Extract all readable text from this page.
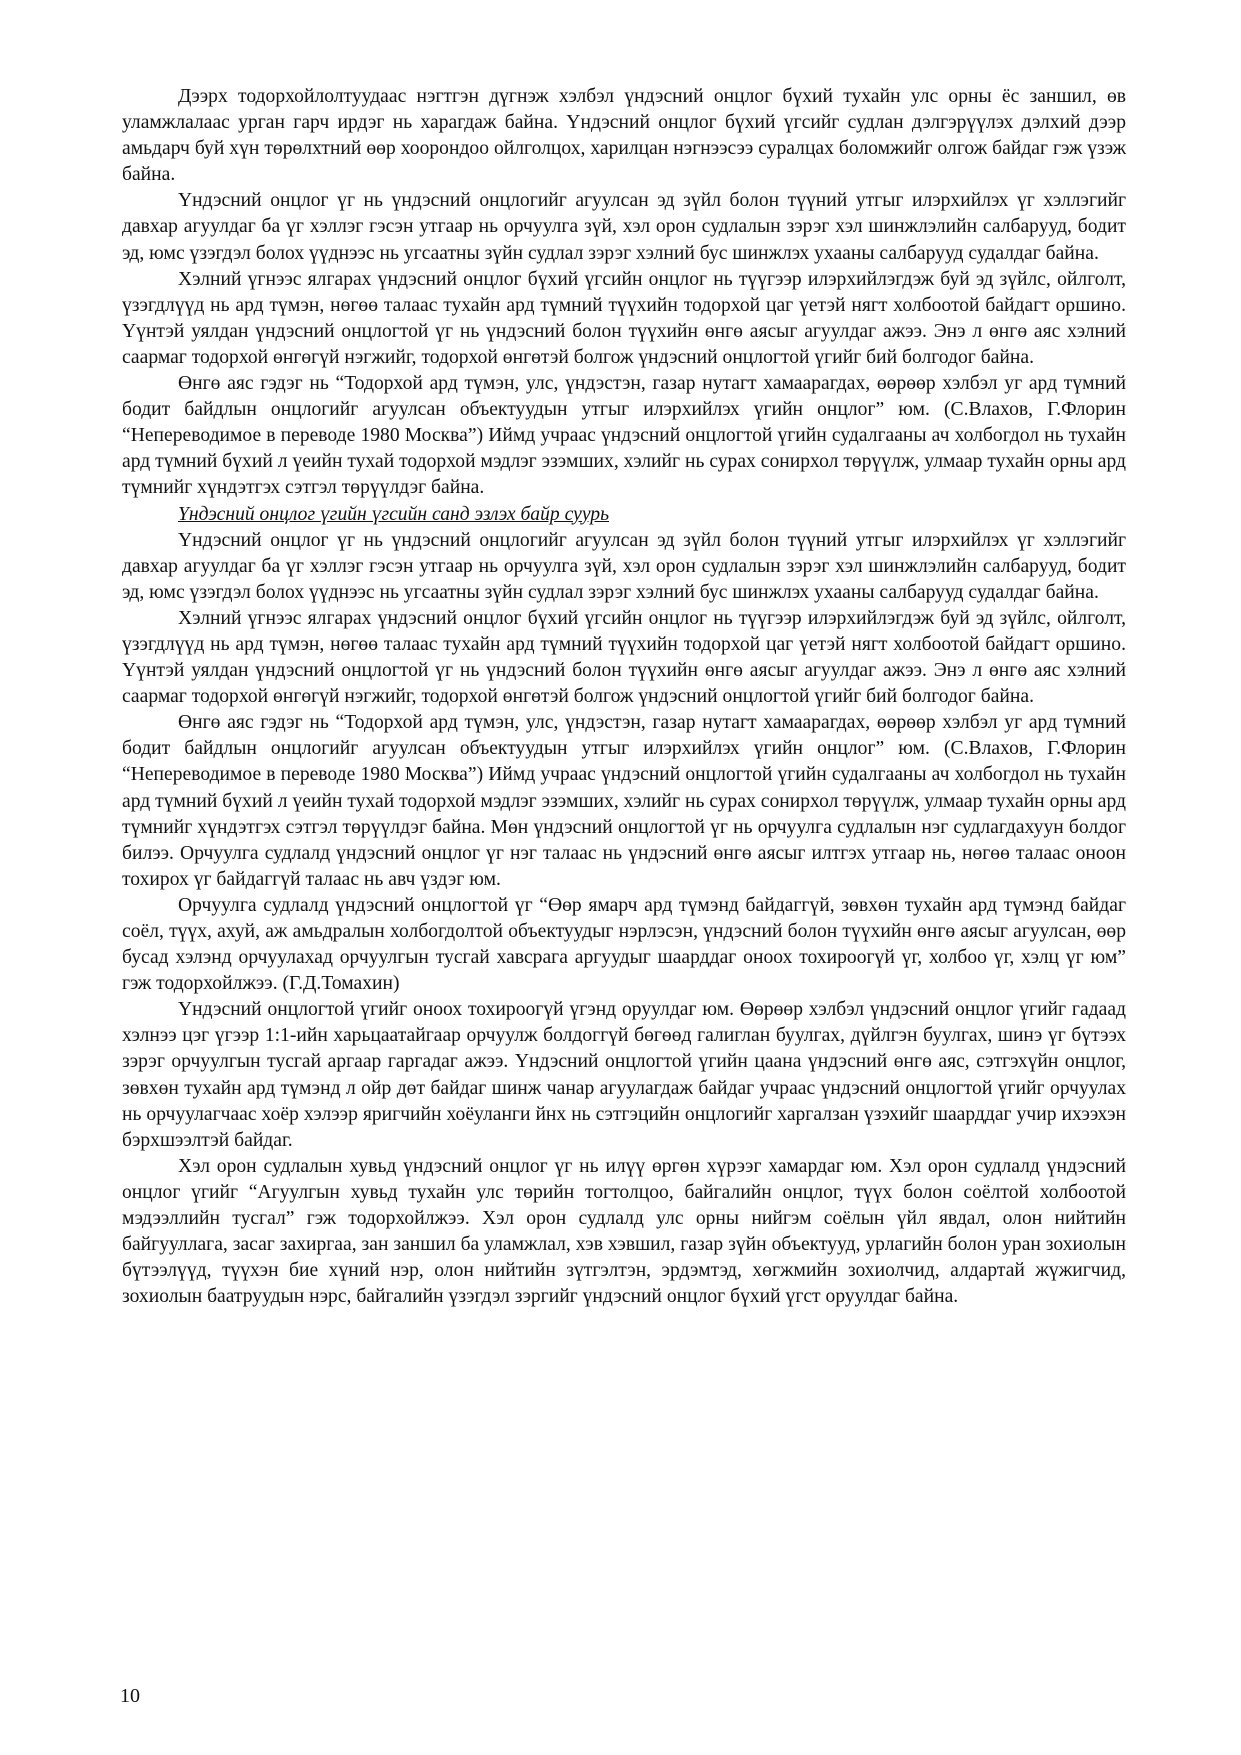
Дээрх тодорхойлолтуудаас нэгтгэн дүгнэж хэлбэл үндэсний онцлог бүхий тухайн улс орны ёс заншил, өв уламжлалаас урган гарч ирдэг нь харагдаж байна. Үндэсний онцлог бүхий үгсийг судлан дэлгэрүүлэх дэлхий дээр амьдарч буй хүн төрөлхтний өөр хоорондоо ойлголцох, харилцан нэгнээсээ суралцах боломжийг олгож байдаг гэж үзэж байна.

Үндэсний онцлог үг нь үндэсний онцлогийг агуулсан эд зүйл болон түүний утгыг илэрхийлэх үг хэллэгийг давхар агуулдаг ба үг хэллэг гэсэн утгаар нь орчуулга зүй, хэл орон судлалын зэрэг хэл шинжлэлийн салбарууд, бодит эд, юмс үзэгдэл болох үүднээс нь угсаатны зүйн судлал зэрэг хэлний бус шинжлэх ухааны салбарууд судалдаг байна.

Хэлний үгнээс ялгарах үндэсний онцлог бүхий үгсийн онцлог нь түүгээр илэрхийлэгдэж буй эд зүйлс, ойлголт, үзэгдлүүд нь ард түмэн, нөгөө талаас тухайн ард түмний түүхийн тодорхой цаг үетэй нягт холбоотой байдагт оршино. Үүнтэй уялдан үндэсний онцлогтой үг нь үндэсний болон түүхийн өнгө аясыг агуулдаг ажээ. Энэ л өнгө аяс хэлний саармаг тодорхой өнгөгүй нэгжийг, тодорхой өнгөтэй болгож үндэсний онцлогтой үгийг бий болгодог байна.

Өнгө аяс гэдэг нь “Тодорхой ард түмэн, улс, үндэстэн, газар нутагт хамаарагдах, өөрөөр хэлбэл уг ард түмний бодит байдлын онцлогийг агуулсан объектуудын утгыг илэрхийлэх үгийн онцлог” юм. (С.Влахов, Г.Флорин “Непереводимое в переводе 1980 Москва”) Иймд учраас үндэсний онцлогтой үгийн судалгааны ач холбогдол нь тухайн ард түмний бүхий л үеийн тухай тодорхой мэдлэг эзэмших, хэлийг нь сурах сонирхол төрүүлж, улмаар тухайн орны ард түмнийг хүндэтгэх сэтгэл төрүүлдэг байна.

Үндэсний онцлог үгийн үгсийн санд эзлэх байр суурь

Үндэсний онцлог үг нь үндэсний онцлогийг агуулсан эд зүйл болон түүний утгыг илэрхийлэх үг хэллэгийг давхар агуулдаг ба үг хэллэг гэсэн утгаар нь орчуулга зүй, хэл орон судлалын зэрэг хэл шинжлэлийн салбарууд, бодит эд, юмс үзэгдэл болох үүднээс нь угсаатны зүйн судлал зэрэг хэлний бус шинжлэх ухааны салбарууд судалдаг байна.

Хэлний үгнээс ялгарах үндэсний онцлог бүхий үгсийн онцлог нь түүгээр илэрхийлэгдэж буй эд зүйлс, ойлголт, үзэгдлүүд нь ард түмэн, нөгөө талаас тухайн ард түмний түүхийн тодорхой цаг үетэй нягт холбоотой байдагт оршино. Үүнтэй уялдан үндэсний онцлогтой үг нь үндэсний болон түүхийн өнгө аясыг агуулдаг ажээ. Энэ л өнгө аяс хэлний саармаг тодорхой өнгөгүй нэгжийг, тодорхой өнгөтэй болгож үндэсний онцлогтой үгийг бий болгодог байна.

Өнгө аяс гэдэг нь “Тодорхой ард түмэн, улс, үндэстэн, газар нутагт хамаарагдах, өөрөөр хэлбэл уг ард түмний бодит байдлын онцлогийг агуулсан объектуудын утгыг илэрхийлэх үгийн онцлог” юм. (С.Влахов, Г.Флорин “Непереводимое в переводе 1980 Москва”) Иймд учраас үндэсний онцлогтой үгийн судалгааны ач холбогдол нь тухайн ард түмний бүхий л үеийн тухай тодорхой мэдлэг эзэмших, хэлийг нь сурах сонирхол төрүүлж, улмаар тухайн орны ард түмнийг хүндэтгэх сэтгэл төрүүлдэг байна. Мөн үндэсний онцлогтой үг нь орчуулга судлалын нэг судлагдахуун болдог билээ. Орчуулга судлалд үндэсний онцлог үг нэг талаас нь үндэсний өнгө аясыг илтгэх утгаар нь, нөгөө талаас оноон тохирох үг байдаггүй талаас нь авч үздэг юм.

Орчуулга судлалд үндэсний онцлогтой үг “Өөр ямарч ард түмэнд байдаггүй, зөвхөн тухайн ард түмэнд байдаг соёл, түүх, ахуй, аж амьдралын холбогдолтой объектуудыг нэрлэсэн, үндэсний болон түүхийн өнгө аясыг агуулсан, өөр бусад хэлэнд орчуулахад орчуулгын тусгай хавсрага аргуудыг шаарддаг оноох тохироогүй үг, холбоо үг, хэлц үг юм” гэж тодорхойлжээ. (Г.Д.Томахин)

Үндэсний онцлогтой үгийг оноох тохироогүй үгэнд оруулдаг юм. Өөрөөр хэлбэл үндэсний онцлог үгийг гадаад хэлнээ цэг үгээр 1:1-ийн харьцаатайгаар орчуулж болдоггүй бөгөөд галиглан буулгах, дүйлгэн буулгах, шинэ үг бүтээх зэрэг орчуулгын тусгай аргаар гаргадаг ажээ. Үндэсний онцлогтой үгийн цаана үндэсний өнгө аяс, сэтгэхүйн онцлог, зөвхөн тухайн ард түмэнд л ойр дөт байдаг шинж чанар агуулагдаж байдаг учраас үндэсний онцлогтой үгийг орчуулах нь орчуулагчаас хоёр хэлээр яригчийн хоёуланги йнх нь сэтгэцийн онцлогийг харгалзан үзэхийг шаарддаг учир ихээхэн бэрхшээлтэй байдаг.

Хэл орон судлалын хувьд үндэсний онцлог үг нь илүү өргөн хүрээг хамардаг юм. Хэл орон судлалд үндэсний онцлог үгийг “Агуулгын хувьд тухайн улс төрийн тогтолцоо, байгалийн онцлог, түүх болон соёлтой холбоотой мэдээллийн тусгал” гэж тодорхойлжээ. Хэл орон судлалд улс орны нийгэм соёлын үйл явдал, олон нийтийн байгууллага, засаг захиргаа, зан заншил ба уламжлал, хэв хэвшил, газар зүйн объектууд, урлагийн болон уран зохиолын бүтээлүүд, түүхэн бие хүний нэр, олон нийтийн зүтгэлтэн, эрдэмтэд, хөгжмийн зохиолчид, алдартай жүжигчид, зохиолын баатруудын нэрс, байгалийн үзэгдэл зэргийг үндэсний онцлог бүхий үгст оруулдаг байна.

10
